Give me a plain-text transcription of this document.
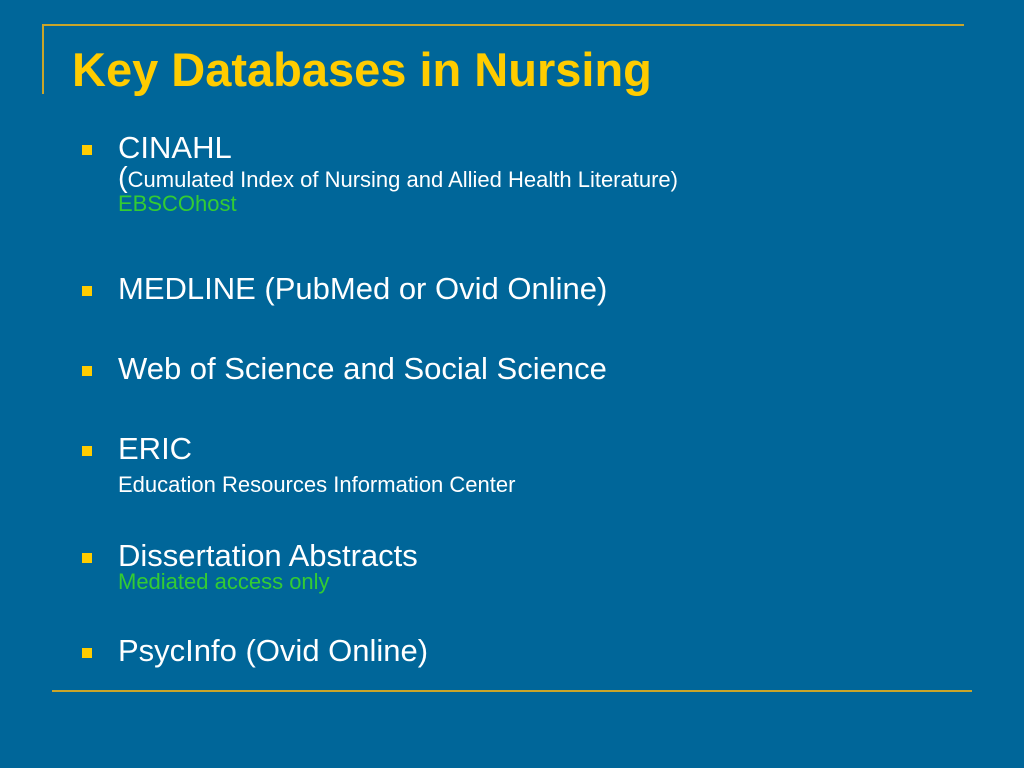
Key Databases in Nursing
CINAHL
(Cumulated Index of Nursing and Allied Health Literature)
EBSCOhost
MEDLINE (PubMed or Ovid Online)
Web of Science and Social Science
ERIC
Education Resources Information Center
Dissertation Abstracts
Mediated access only
PsycInfo (Ovid Online)
